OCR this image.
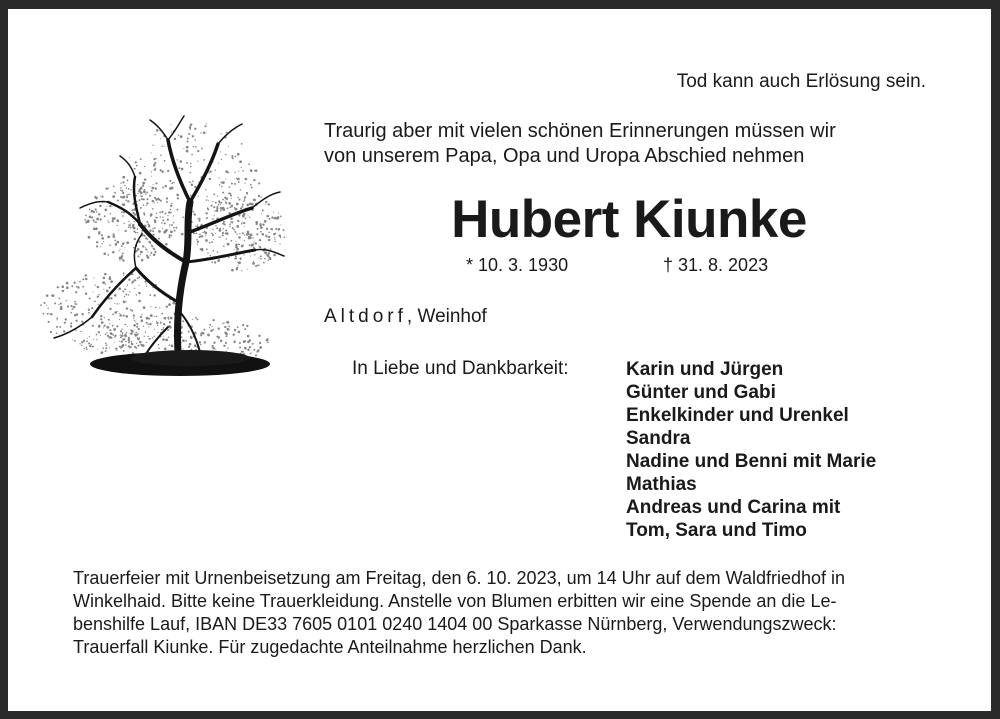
Tod kann auch Erlösung sein.
Traurig aber mit vielen schönen Erinnerungen müssen wir
von unserem Papa, Opa und Uropa Abschied nehmen
Hubert Kiunke
* 10. 3. 1930	† 31. 8. 2023
Altdorf, Weinhof
In Liebe und Dankbarkeit:	Karin und Jürgen
Günter und Gabi
Enkelkinder und Urenkel
Sandra
Nadine und Benni mit Marie
Mathias
Andreas und Carina mit
Tom, Sara und Timo
Trauerfeier mit Urnenbeisetzung am Freitag, den 6. 10. 2023, um 14 Uhr auf dem Waldfriedhof in
Winkelhaid. Bitte keine Trauerkleidung. Anstelle von Blumen erbitten wir eine Spende an die Le-
benshilfe Lauf, IBAN DE33 7605 0101 0240 1404 00 Sparkasse Nürnberg, Verwendungszweck:
Trauerfall Kiunke. Für zugedachte Anteilnahme herzlichen Dank.
